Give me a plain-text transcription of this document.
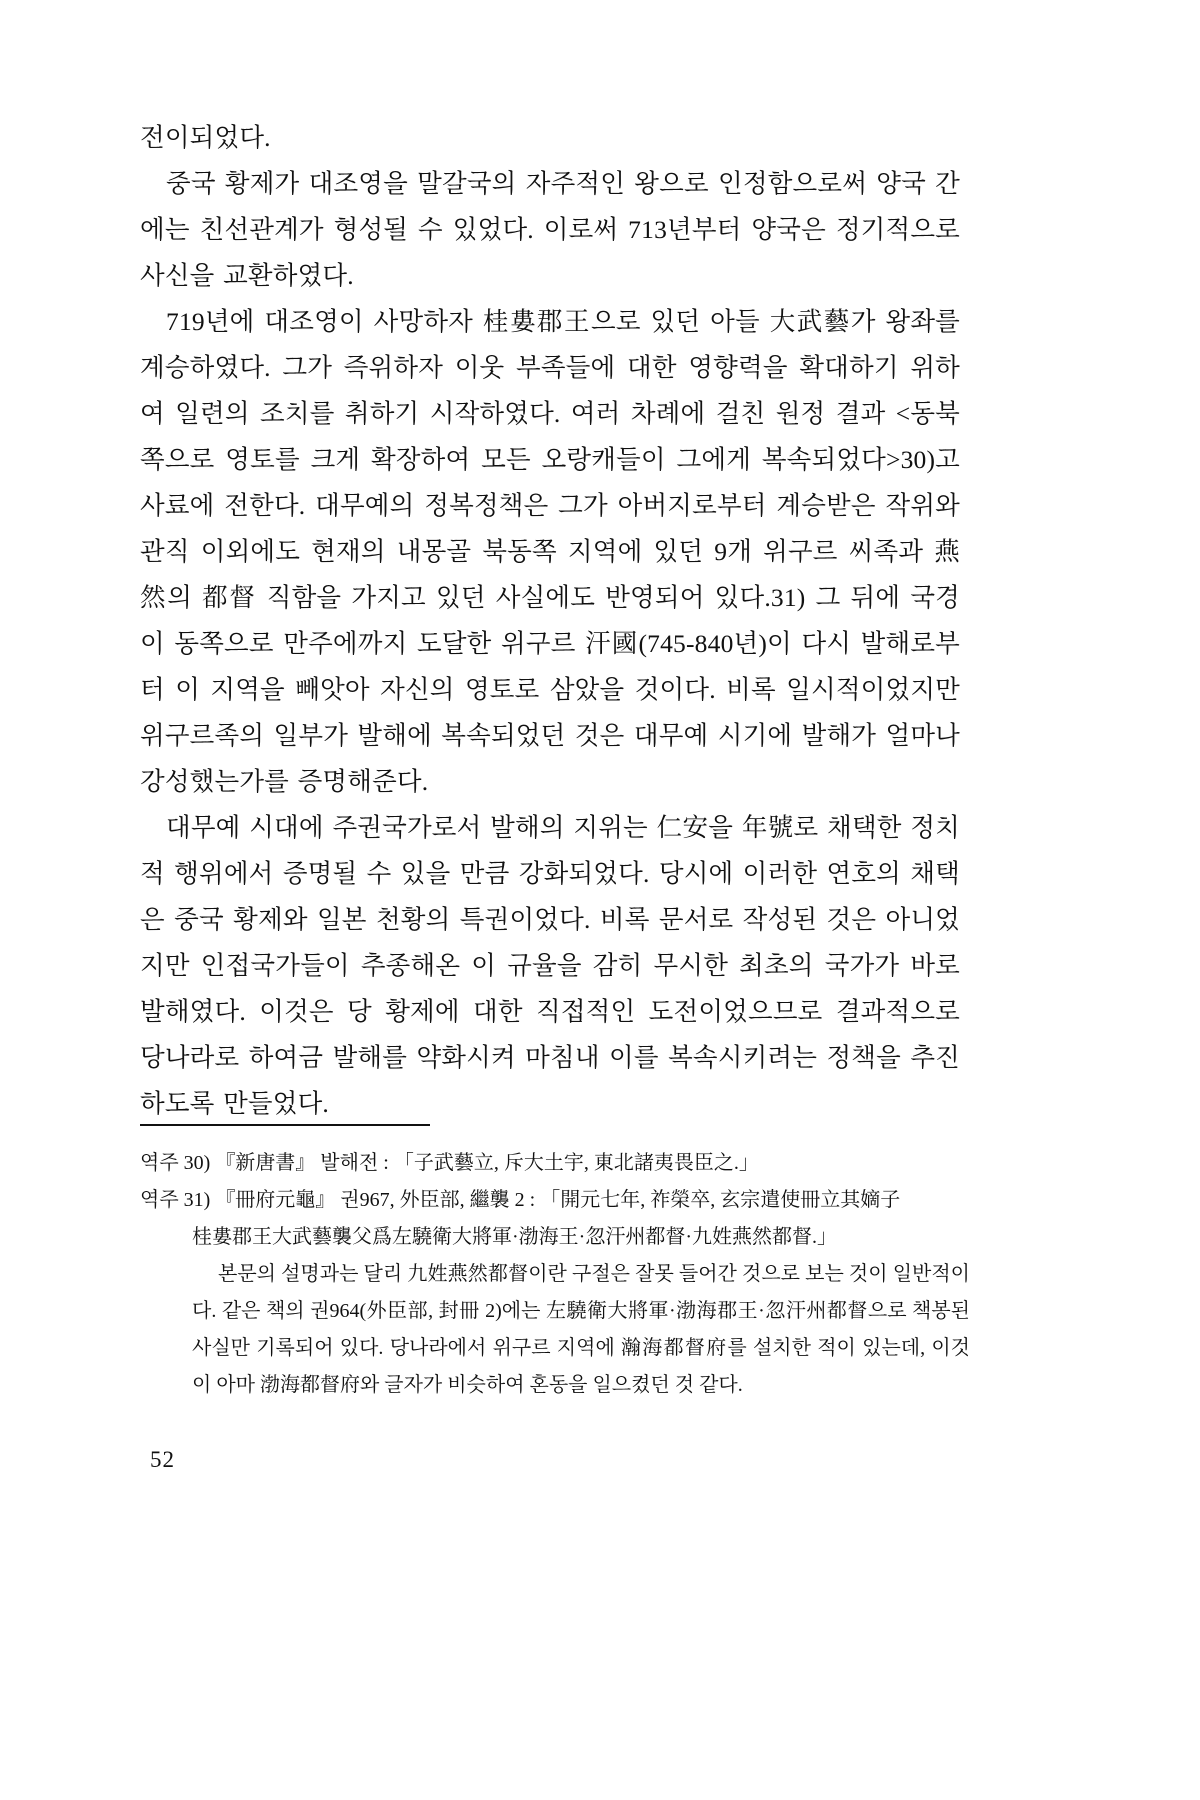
전이되었다.

중국 황제가 대조영을 말갈국의 자주적인 왕으로 인정함으로써 양국 간에는 친선관계가 형성될 수 있었다. 이로써 713년부터 양국은 정기적으로 사신을 교환하였다.

719년에 대조영이 사망하자 桂婁郡王으로 있던 아들 大武藝가 왕좌를 계승하였다. 그가 즉위하자 이웃 부족들에 대한 영향력을 확대하기 위하여 일련의 조치를 취하기 시작하였다. 여러 차례에 걸친 원정 결과 <동북쪽으로 영토를 크게 확장하여 모든 오랑캐들이 그에게 복속되었다>30)고 사료에 전한다. 대무예의 정복정책은 그가 아버지로부터 계승받은 작위와 관직 이외에도 현재의 내몽골 북동쪽 지역에 있던 9개 위구르 씨족과 燕然의 都督 직함을 가지고 있던 사실에도 반영되어 있다.31) 그 뒤에 국경이 동쪽으로 만주에까지 도달한 위구르 汗國(745-840년)이 다시 발해로부터 이 지역을 빼앗아 자신의 영토로 삼았을 것이다. 비록 일시적이었지만 위구르족의 일부가 발해에 복속되었던 것은 대무예 시기에 발해가 얼마나 강성했는가를 증명해준다.

대무예 시대에 주권국가로서 발해의 지위는 仁安을 年號로 채택한 정치적 행위에서 증명될 수 있을 만큼 강화되었다. 당시에 이러한 연호의 채택은 중국 황제와 일본 천황의 특권이었다. 비록 문서로 작성된 것은 아니었지만 인접국가들이 추종해온 이 규율을 감히 무시한 최초의 국가가 바로 발해였다. 이것은 당 황제에 대한 직접적인 도전이었으므로 결과적으로 당나라로 하여금 발해를 약화시켜 마침내 이를 복속시키려는 정책을 추진하도록 만들었다.

역주 30) 『新唐書』 발해전 : 「子武藝立, 斥大土宇, 東北諸夷畏臣之.」
역주 31) 『冊府元龜』 권967, 外臣部, 繼襲 2 : 「開元七年, 祚榮卒, 玄宗遣使冊立其嫡子
桂婁郡王大武藝襲父爲左驍衛大將軍·渤海王·忽汗州都督·九姓燕然都督.」
본문의 설명과는 달리 九姓燕然都督이란 구절은 잘못 들어간 것으로 보는 것이 일반적이다. 같은 책의 권964(外臣部, 封冊 2)에는 左驍衛大將軍·渤海郡王·忽汗州都督으로 책봉된 사실만 기록되어 있다. 당나라에서 위구르 지역에 瀚海都督府를 설치한 적이 있는데, 이것이 아마 渤海都督府와 글자가 비슷하여 혼동을 일으켰던 것 같다.
52
